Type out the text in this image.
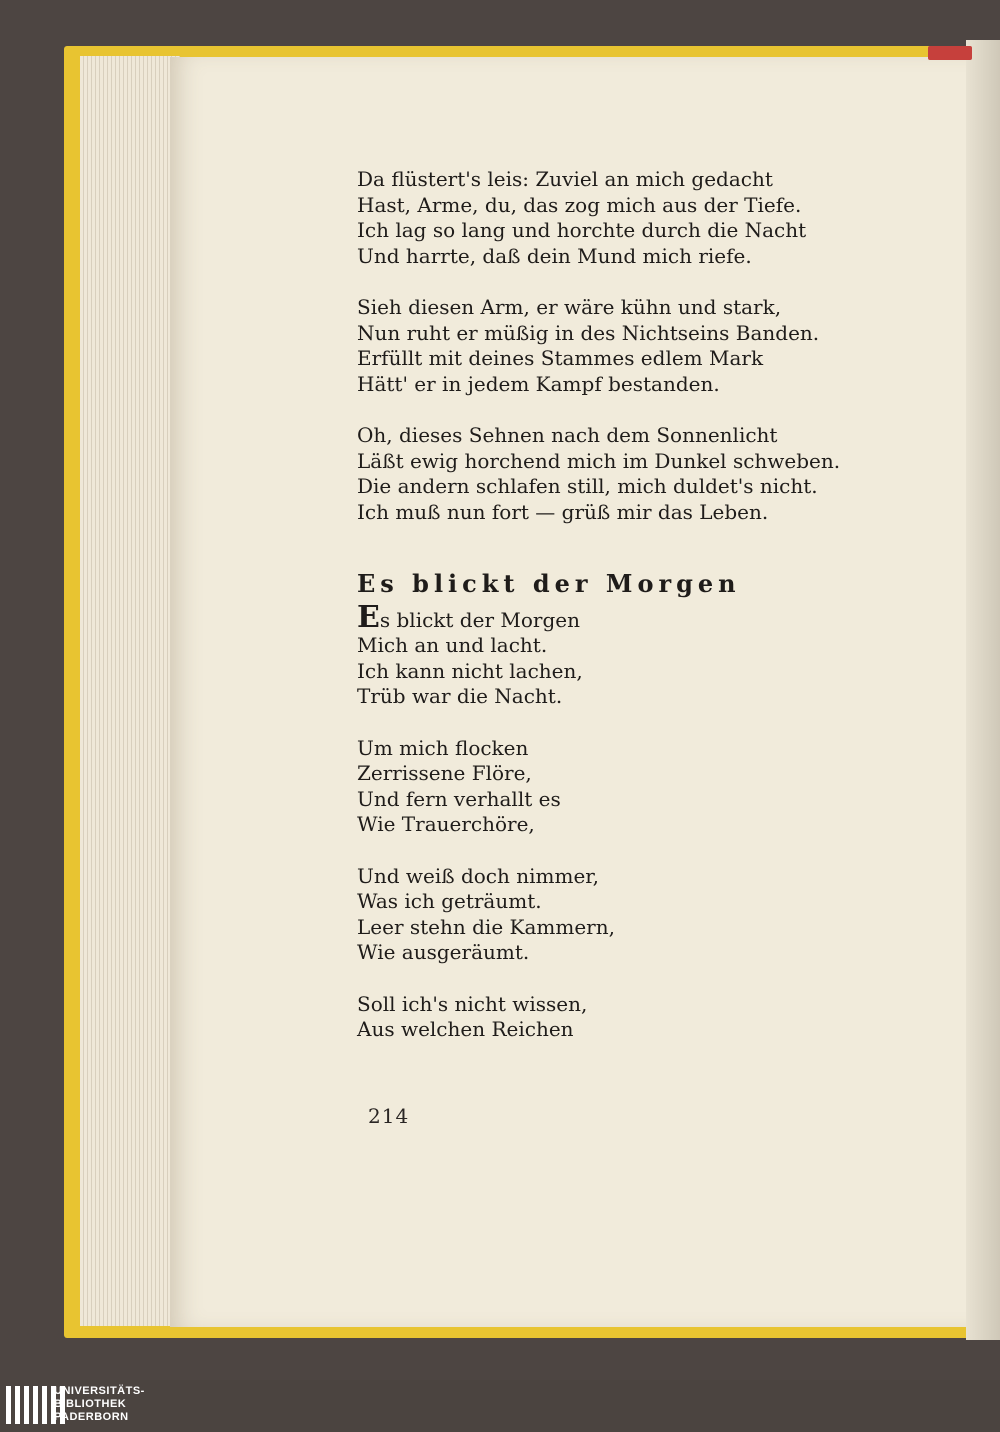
Da flüstert's leis: Zuviel an mich gedacht
Hast, Arme, du, das zog mich aus der Tiefe.
Ich lag so lang und horchte durch die Nacht
Und harrte, daß dein Mund mich riefe.
Sieh diesen Arm, er wäre kühn und stark,
Nun ruht er müßig in des Nichtseins Banden.
Erfüllt mit deines Stammes edlem Mark
Hätt' er in jedem Kampf bestanden.
Oh, dieses Sehnen nach dem Sonnenlicht
Läßt ewig horchend mich im Dunkel schweben.
Die andern schlafen still, mich duldet's nicht.
Ich muß nun fort — grüß mir das Leben.
Es blickt der Morgen
Es blickt der Morgen
Mich an und lacht.
Ich kann nicht lachen,
Trüb war die Nacht.
Um mich flocken
Zerrissene Flöre,
Und fern verhallt es
Wie Trauerchöre,
Und weiß doch nimmer,
Was ich geträumt.
Leer stehn die Kammern,
Wie ausgeräumt.
Soll ich's nicht wissen,
Aus welchen Reichen
214
UNIVERSITÄTS-
BIBLIOTHEK
PADERBORN
